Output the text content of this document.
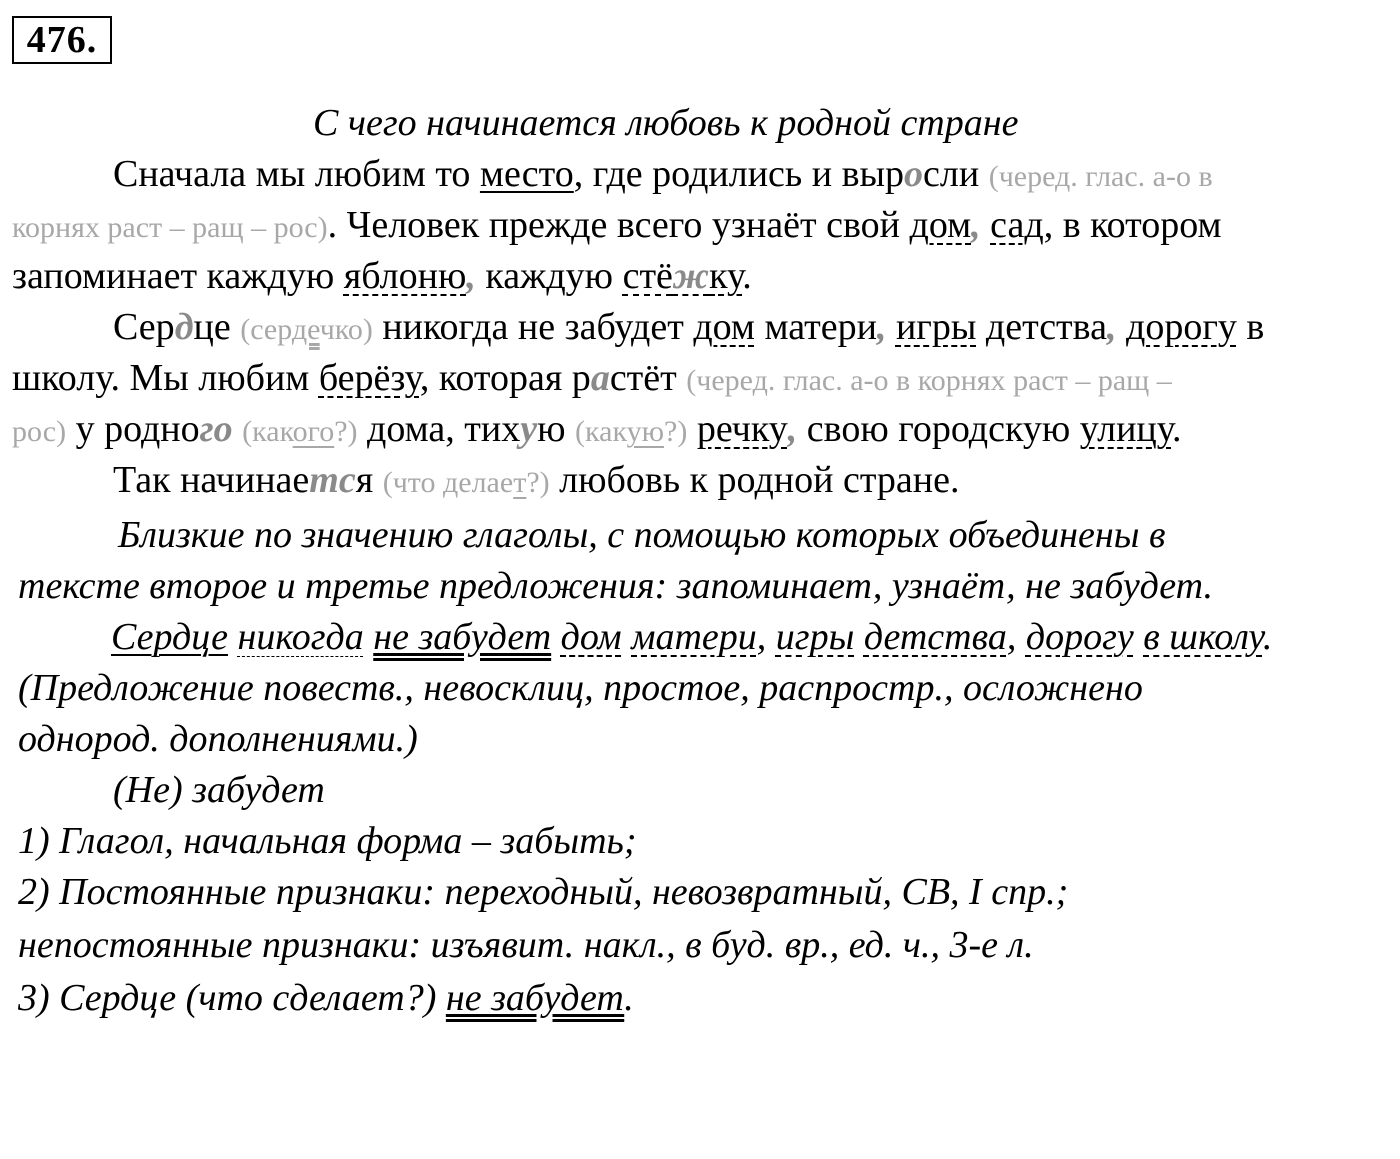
476.
С чего начинается любовь к родной стране
Сначала мы любим то место, где родились и выросли (черед. глас. а-о в
корнях раст – ращ – рос). Человек прежде всего узнаёт свой дом, сад, в котором
запоминает каждую яблоню, каждую стёжку.
Сердце (сердечко) никогда не забудет дом матери, игры детства, дорогу в
школу. Мы любим берёзу, которая растёт (черед. глас. а-о в корнях раст – ращ –
рос) у родного (какого?) дома, тихую (какую?) речку, свою городскую улицу.
Так начинается (что делает?) любовь к родной стране.
Близкие по значению глаголы, с помощью которых объединены в
тексте второе и третье предложения: запоминает, узнаёт, не забудет.
Сердце никогда не забудет дом матери, игры детства, дорогу в школу.
(Предложение повеств., невосклиц, простое, распростр., осложнено
однород. дополнениями.)
(Не) забудет
1) Глагол, начальная форма – забыть;
2) Постоянные признаки: переходный, невозвратный, СВ, I спр.;
непостоянные признаки: изъявит. накл., в буд. вр., ед. ч., 3-е л.
3) Сердце (что сделает?) не забудет.
